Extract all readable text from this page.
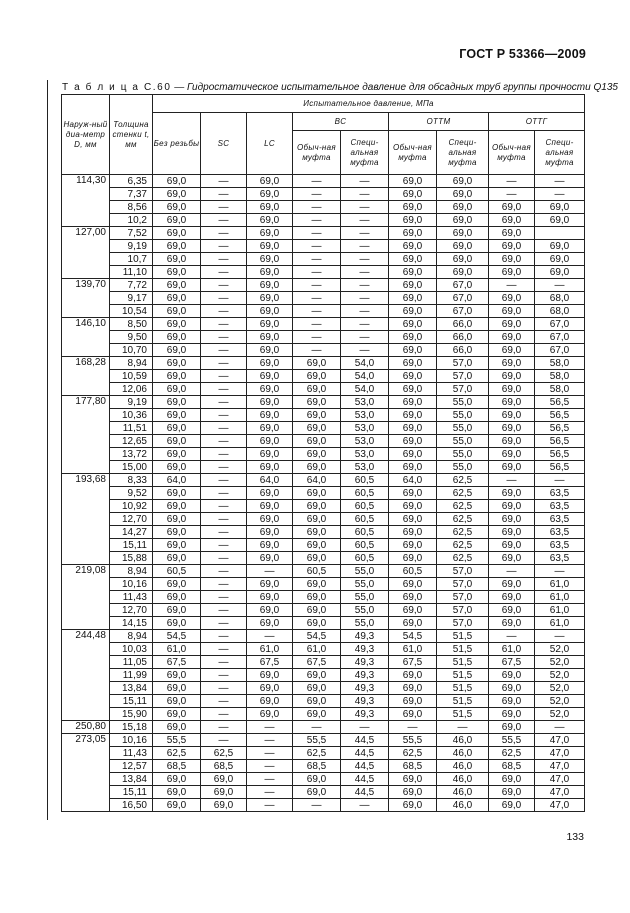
ГОСТ Р 53366—2009
Т а б л и ц а C.60 — Гидростатическое испытательное давление для обсадных труб группы прочности Q135
Наруж-ный диа-метр D, мм	Толщина стенки t, мм	Испытательное давление, МПа								
		Без резьбы	SC	LC	BC		ОТТМ		ОТТГ	
					Обыч-ная муфта	Специ-альная муфта	Обыч-ная муфта	Специ-альная муфта	Обыч-ная муфта	Специ-альная муфта
114,30	6,35	69,0	—	69,0	—	—	69,0	69,0	—	—
	7,37	69,0	—	69,0	—	—	69,0	69,0	—	—
	8,56	69,0	—	69,0	—	—	69,0	69,0	69,0	69,0
	10,2	69,0	—	69,0	—	—	69,0	69,0	69,0	69,0
127,00	7,52	69,0	—	69,0	—	—	69,0	69,0	69,0	
	9,19	69,0	—	69,0	—	—	69,0	69,0	69,0	69,0
	10,7	69,0	—	69,0	—	—	69,0	69,0	69,0	69,0
	11,10	69,0	—	69,0	—	—	69,0	69,0	69,0	69,0
139,70	7,72	69,0	—	69,0	—	—	69,0	67,0	—	—
	9,17	69,0	—	69,0	—	—	69,0	67,0	69,0	68,0
	10,54	69,0	—	69,0	—	—	69,0	67,0	69,0	68,0
146,10	8,50	69,0	—	69,0	—	—	69,0	66,0	69,0	67,0
	9,50	69,0	—	69,0	—	—	69,0	66,0	69,0	67,0
	10,70	69,0	—	69,0	—	—	69,0	66,0	69,0	67,0
168,28	8,94	69,0	—	69,0	69,0	54,0	69,0	57,0	69,0	58,0
	10,59	69,0	—	69,0	69,0	54,0	69,0	57,0	69,0	58,0
	12,06	69,0	—	69,0	69,0	54,0	69,0	57,0	69,0	58,0
177,80	9,19	69,0	—	69,0	69,0	53,0	69,0	55,0	69,0	56,5
	10,36	69,0	—	69,0	69,0	53,0	69,0	55,0	69,0	56,5
	11,51	69,0	—	69,0	69,0	53,0	69,0	55,0	69,0	56,5
	12,65	69,0	—	69,0	69,0	53,0	69,0	55,0	69,0	56,5
	13,72	69,0	—	69,0	69,0	53,0	69,0	55,0	69,0	56,5
	15,00	69,0	—	69,0	69,0	53,0	69,0	55,0	69,0	56,5
193,68	8,33	64,0	—	64,0	64,0	60,5	64,0	62,5	—	—
	9,52	69,0	—	69,0	69,0	60,5	69,0	62,5	69,0	63,5
	10,92	69,0	—	69,0	69,0	60,5	69,0	62,5	69,0	63,5
	12,70	69,0	—	69,0	69,0	60,5	69,0	62,5	69,0	63,5
	14,27	69,0	—	69,0	69,0	60,5	69,0	62,5	69,0	63,5
	15,11	69,0	—	69,0	69,0	60,5	69,0	62,5	69,0	63,5
	15,88	69,0	—	69,0	69,0	60,5	69,0	62,5	69,0	63,5
219,08	8,94	60,5	—	—	60,5	55,0	60,5	57,0	—	—
	10,16	69,0	—	69,0	69,0	55,0	69,0	57,0	69,0	61,0
	11,43	69,0	—	69,0	69,0	55,0	69,0	57,0	69,0	61,0
	12,70	69,0	—	69,0	69,0	55,0	69,0	57,0	69,0	61,0
	14,15	69,0	—	69,0	69,0	55,0	69,0	57,0	69,0	61,0
244,48	8,94	54,5	—	—	54,5	49,3	54,5	51,5	—	—
	10,03	61,0	—	61,0	61,0	49,3	61,0	51,5	61,0	52,0
	11,05	67,5	—	67,5	67,5	49,3	67,5	51,5	67,5	52,0
	11,99	69,0	—	69,0	69,0	49,3	69,0	51,5	69,0	52,0
	13,84	69,0	—	69,0	69,0	49,3	69,0	51,5	69,0	52,0
	15,11	69,0	—	69,0	69,0	49,3	69,0	51,5	69,0	52,0
	15,90	69,0	—	69,0	69,0	49,3	69,0	51,5	69,0	52,0
250,80	15,18	69,0	—	—	—	—	—	—	69,0	—
273,05	10,16	55,5	—	—	55,5	44,5	55,5	46,0	55,5	47,0
	11,43	62,5	62,5	—	62,5	44,5	62,5	46,0	62,5	47,0
	12,57	68,5	68,5	—	68,5	44,5	68,5	46,0	68,5	47,0
	13,84	69,0	69,0	—	69,0	44,5	69,0	46,0	69,0	47,0
	15,11	69,0	69,0	—	69,0	44,5	69,0	46,0	69,0	47,0
	16,50	69,0	69,0	—	—	—	69,0	46,0	69,0	47,0
133
